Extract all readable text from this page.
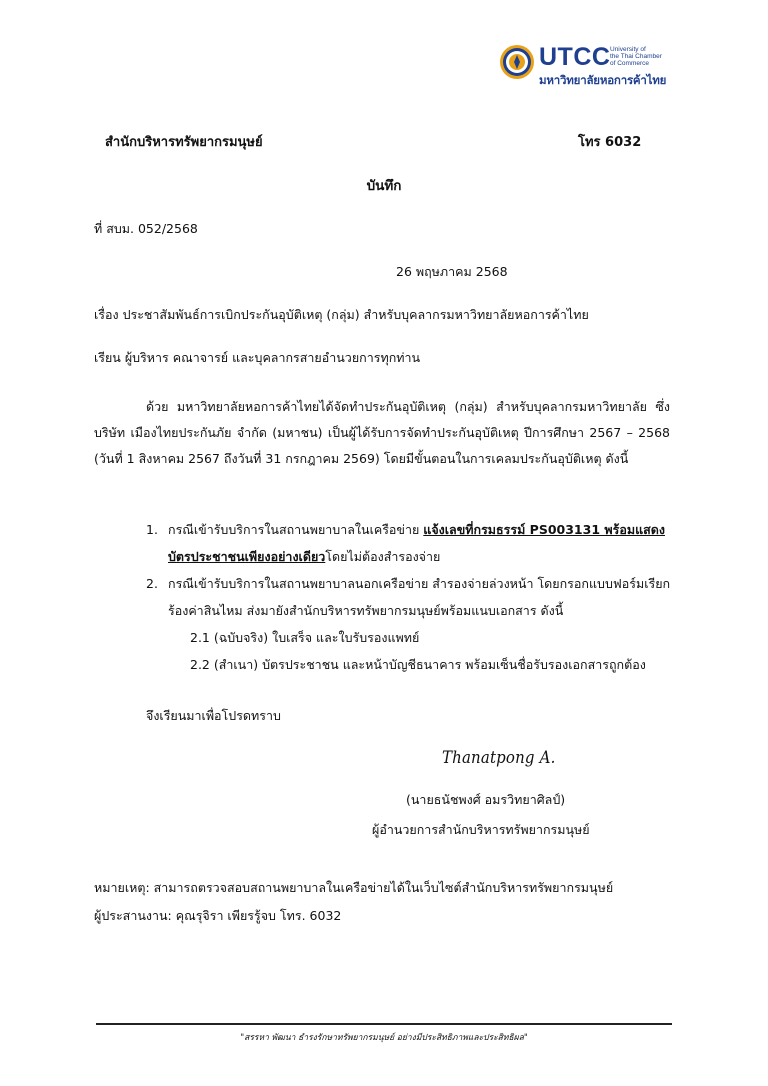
UTCC University of
the Thai Chamber
of Commerce
มหาวิทยาลัยหอการค้าไทย
สำนักบริหารทรัพยากรมนุษย์	โทร 6032
บันทึก
ที่ สบม. 052/2568
26 พฤษภาคม 2568
เรื่อง ประชาสัมพันธ์การเบิกประกันอุบัติเหตุ (กลุ่ม) สำหรับบุคลากรมหาวิทยาลัยหอการค้าไทย
เรียน ผู้บริหาร คณาจารย์ และบุคลากรสายอำนวยการทุกท่าน
ด้วย มหาวิทยาลัยหอการค้าไทยได้จัดทำประกันอุบัติเหตุ (กลุ่ม) สำหรับบุคลากรมหาวิทยาลัย ซึ่งบริษัท เมืองไทยประกันภัย จำกัด (มหาชน) เป็นผู้ได้รับการจัดทำประกันอุบัติเหตุ ปีการศึกษา 2567 – 2568 (วันที่ 1 สิงหาคม 2567 ถึงวันที่ 31 กรกฎาคม 2569) โดยมีขั้นตอนในการเคลมประกันอุบัติเหตุ ดังนี้
1. กรณีเข้ารับบริการในสถานพยาบาลในเครือข่าย แจ้งเลขที่กรมธรรม์ PS003131 พร้อมแสดงบัตรประชาชนเพียงอย่างเดียวโดยไม่ต้องสำรองจ่าย
2. กรณีเข้ารับบริการในสถานพยาบาลนอกเครือข่าย สำรองจ่ายล่วงหน้า โดยกรอกแบบฟอร์มเรียกร้องค่าสินไหม ส่งมายังสำนักบริหารทรัพยากรมนุษย์พร้อมแนบเอกสาร ดังนี้
2.1 (ฉบับจริง) ใบเสร็จ และใบรับรองแพทย์
2.2 (สำเนา) บัตรประชาชน และหน้าบัญชีธนาคาร พร้อมเซ็นชื่อรับรองเอกสารถูกต้อง
จึงเรียนมาเพื่อโปรดทราบ
Thanatpong A.
(นายธนัชพงศ์ อมรวิทยาศิลป์)
ผู้อำนวยการสำนักบริหารทรัพยากรมนุษย์
หมายเหตุ: สามารถตรวจสอบสถานพยาบาลในเครือข่ายได้ในเว็บไซต์สำนักบริหารทรัพยากรมนุษย์
ผู้ประสานงาน: คุณรุจิรา เพียรรู้จบ โทร. 6032
"สรรหา พัฒนา ธำรงรักษาทรัพยากรมนุษย์ อย่างมีประสิทธิภาพและประสิทธิผล"
